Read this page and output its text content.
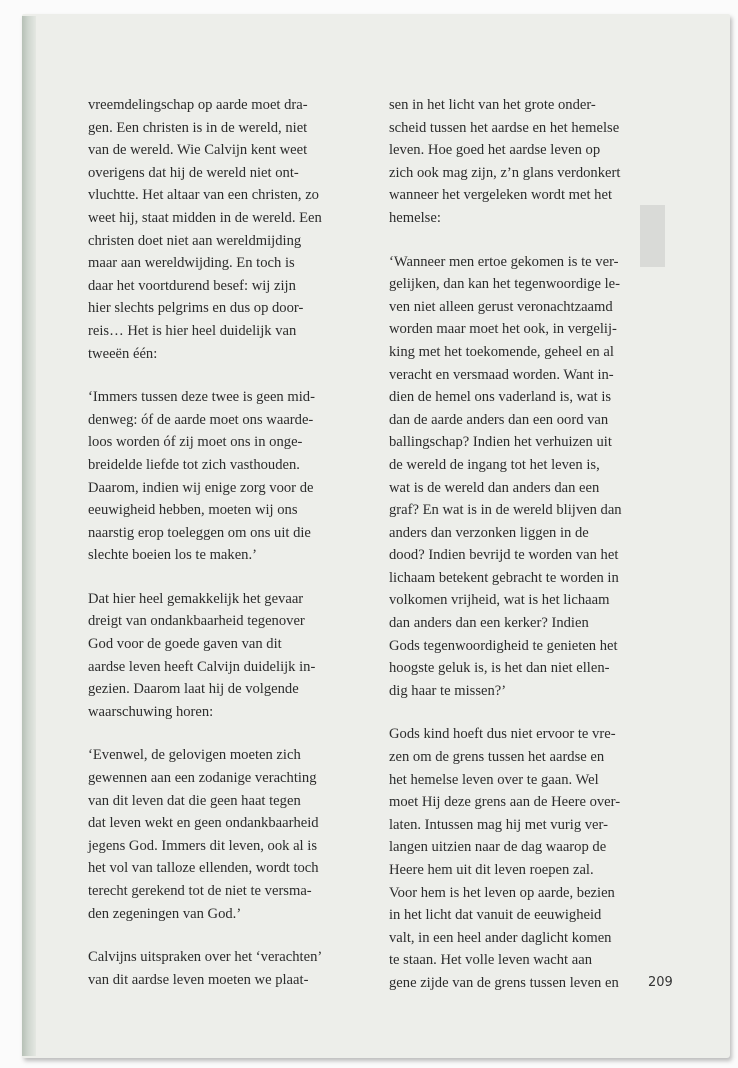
vreemdelingschap op aarde moet dra-
gen. Een christen is in de wereld, niet
van de wereld. Wie Calvijn kent weet
overigens dat hij de wereld niet ont-
vluchtte. Het altaar van een christen, zo
weet hij, staat midden in de wereld. Een
christen doet niet aan wereldmijding
maar aan wereldwijding. En toch is
daar het voortdurend besef: wij zijn
hier slechts pelgrims en dus op door-
reis… Het is hier heel duidelijk van
tweeën één:

‘Immers tussen deze twee is geen mid-
denweg: óf de aarde moet ons waarde-
loos worden óf zij moet ons in onge-
breidelde liefde tot zich vasthouden.
Daarom, indien wij enige zorg voor de
eeuwigheid hebben, moeten wij ons
naarstig erop toeleggen om ons uit die
slechte boeien los te maken.’

Dat hier heel gemakkelijk het gevaar
dreigt van ondankbaarheid tegenover
God voor de goede gaven van dit
aardse leven heeft Calvijn duidelijk in-
gezien. Daarom laat hij de volgende
waarschuwing horen:

‘Evenwel, de gelovigen moeten zich
gewennen aan een zodanige verachting
van dit leven dat die geen haat tegen
dat leven wekt en geen ondankbaarheid
jegens God. Immers dit leven, ook al is
het vol van talloze ellenden, wordt toch
terecht gerekend tot de niet te versma-
den zegeningen van God.’

Calvijns uitspraken over het ‘verachten’
van dit aardse leven moeten we plaat-

sen in het licht van het grote onder-
scheid tussen het aardse en het hemelse
leven. Hoe goed het aardse leven op
zich ook mag zijn, z’n glans verdonkert
wanneer het vergeleken wordt met het
hemelse:

‘Wanneer men ertoe gekomen is te ver-
gelijken, dan kan het tegenwoordige le-
ven niet alleen gerust veronachtzaamd
worden maar moet het ook, in vergelij-
king met het toekomende, geheel en al
veracht en versmaad worden. Want in-
dien de hemel ons vaderland is, wat is
dan de aarde anders dan een oord van
ballingschap? Indien het verhuizen uit
de wereld de ingang tot het leven is,
wat is de wereld dan anders dan een
graf? En wat is in de wereld blijven dan
anders dan verzonken liggen in de
dood? Indien bevrijd te worden van het
lichaam betekent gebracht te worden in
volkomen vrijheid, wat is het lichaam
dan anders dan een kerker? Indien
Gods tegenwoordigheid te genieten het
hoogste geluk is, is het dan niet ellen-
dig haar te missen?’

Gods kind hoeft dus niet ervoor te vre-
zen om de grens tussen het aardse en
het hemelse leven over te gaan. Wel
moet Hij deze grens aan de Heere over-
laten. Intussen mag hij met vurig ver-
langen uitzien naar de dag waarop de
Heere hem uit dit leven roepen zal.
Voor hem is het leven op aarde, bezien
in het licht dat vanuit de eeuwigheid
valt, in een heel ander daglicht komen
te staan. Het volle leven wacht aan
gene zijde van de grens tussen leven en	209
